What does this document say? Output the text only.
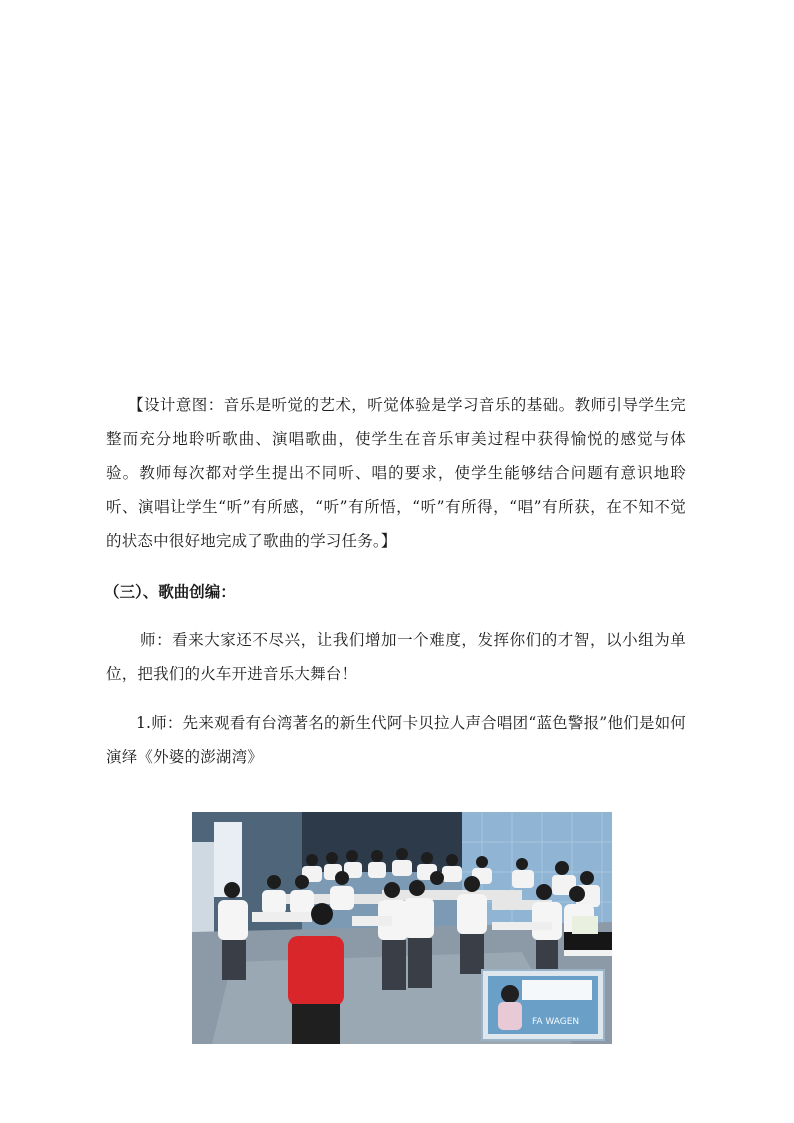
【设计意图：音乐是听觉的艺术，听觉体验是学习音乐的基础。教师引导学生完整而充分地聆听歌曲、演唱歌曲，使学生在音乐审美过程中获得愉悦的感觉与体验。教师每次都对学生提出不同听、唱的要求，使学生能够结合问题有意识地聆听、演唱让学生“听”有所感，“听”有所悟，“听”有所得，“唱”有所获，在不知不觉的状态中很好地完成了歌曲的学习任务。】

（三）、歌曲创编：

师：看来大家还不尽兴，让我们增加一个难度，发挥你们的才智，以小组为单位，把我们的火车开进音乐大舞台！

1.师：先来观看有台湾著名的新生代阿卡贝拉人声合唱团“蓝色警报”他们是如何演绎《外婆的澎湖湾》

FA WAGEN
